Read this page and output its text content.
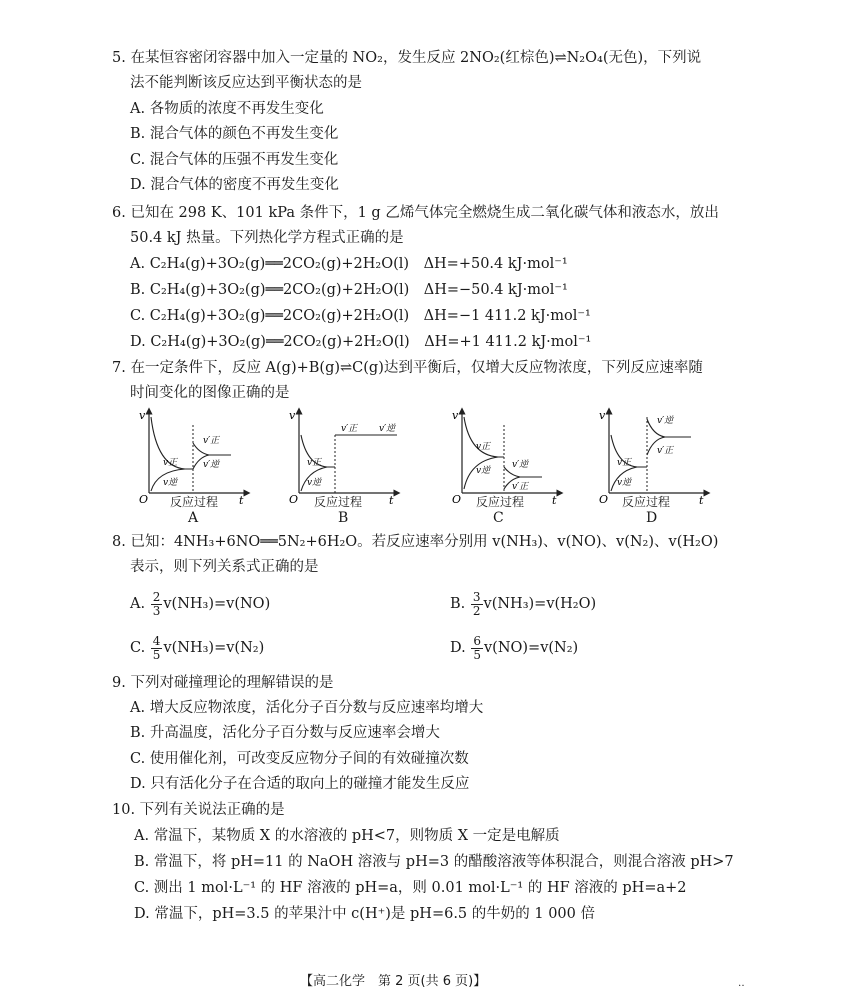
5. 在某恒容密闭容器中加入一定量的 NO₂，发生反应 2NO₂(红棕色)⇌N₂O₄(无色)，下列说
法不能判断该反应达到平衡状态的是
A. 各物质的浓度不再发生变化
B. 混合气体的颜色不再发生变化
C. 混合气体的压强不再发生变化
D. 混合气体的密度不再发生变化
6. 已知在 298 K、101 kPa 条件下，1 g 乙烯气体完全燃烧生成二氧化碳气体和液态水，放出
50.4 kJ 热量。下列热化学方程式正确的是
A. C₂H₄(g)+3O₂(g)══2CO₂(g)+2H₂O(l)　ΔH=+50.4 kJ·mol⁻¹
B. C₂H₄(g)+3O₂(g)══2CO₂(g)+2H₂O(l)　ΔH=−50.4 kJ·mol⁻¹
C. C₂H₄(g)+3O₂(g)══2CO₂(g)+2H₂O(l)　ΔH=−1 411.2 kJ·mol⁻¹
D. C₂H₄(g)+3O₂(g)══2CO₂(g)+2H₂O(l)　ΔH=+1 411.2 kJ·mol⁻¹
7. 在一定条件下，反应 A(g)+B(g)⇌C(g)达到平衡后，仅增大反应物浓度，下列反应速率随
时间变化的图像正确的是
v
t
O
v正
v逆
v′正
v′逆
反应过程
A
v
t
O
v正
v逆
v′正 v′逆
反应过程
B
v
t
O
v正
v逆
v′逆
v′正
反应过程
C
v
t
O
v正
v逆
v′逆
v′正
反应过程
D
8. 已知：4NH₃+6NO══5N₂+6H₂O。若反应速率分别用 v(NH₃)、v(NO)、v(N₂)、v(H₂O)
表示，则下列关系式正确的是
A. $\frac{2}{3} v(NH_3)=v(NO)$	B. $\frac{3}{2} v(NH_3)=v(H_2O)$
C. $\frac{4}{5} v(NH_3)=v(N_2)$	D. $\frac{6}{5} v(NO)=v(N_2)$
9. 下列对碰撞理论的理解错误的是
A. 增大反应物浓度，活化分子百分数与反应速率均增大
B. 升高温度，活化分子百分数与反应速率会增大
C. 使用催化剂，可改变反应物分子间的有效碰撞次数
D. 只有活化分子在合适的取向上的碰撞才能发生反应
10. 下列有关说法正确的是
A. 常温下，某物质 X 的水溶液的 pH<7，则物质 X 一定是电解质
B. 常温下，将 pH=11 的 NaOH 溶液与 pH=3 的醋酸溶液等体积混合，则混合溶液 pH>7
C. 测出 1 mol·L⁻¹ 的 HF 溶液的 pH=a，则 0.01 mol·L⁻¹ 的 HF 溶液的 pH=a+2
D. 常温下，pH=3.5 的苹果汁中 c(H⁺)是 pH=6.5 的牛奶的 1 000 倍
【高二化学　第 2 页(共 6 页)】	‥
